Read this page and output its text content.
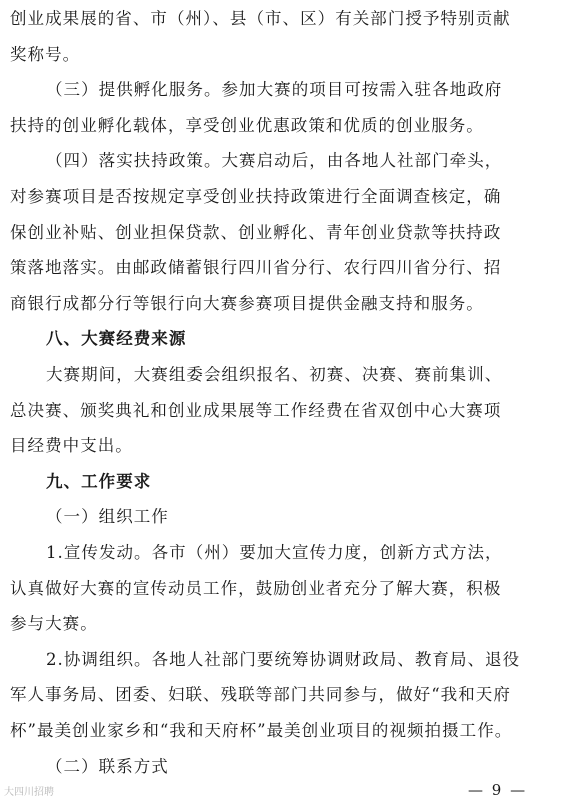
创业成果展的省、市（州）、县（市、区）有关部门授予特别贡献
奖称号。
（三）提供孵化服务。参加大赛的项目可按需入驻各地政府
扶持的创业孵化载体，享受创业优惠政策和优质的创业服务。
（四）落实扶持政策。大赛启动后，由各地人社部门牵头，
对参赛项目是否按规定享受创业扶持政策进行全面调查核定，确
保创业补贴、创业担保贷款、创业孵化、青年创业贷款等扶持政
策落地落实。由邮政储蓄银行四川省分行、农行四川省分行、招
商银行成都分行等银行向大赛参赛项目提供金融支持和服务。
八、大赛经费来源
大赛期间，大赛组委会组织报名、初赛、决赛、赛前集训、
总决赛、颁奖典礼和创业成果展等工作经费在省双创中心大赛项
目经费中支出。
九、工作要求
（一）组织工作
1.宣传发动。各市（州）要加大宣传力度，创新方式方法，
认真做好大赛的宣传动员工作，鼓励创业者充分了解大赛，积极
参与大赛。
2.协调组织。各地人社部门要统筹协调财政局、教育局、退役
军人事务局、团委、妇联、残联等部门共同参与，做好“我和天府
杯”最美创业家乡和“我和天府杯”最美创业项目的视频拍摄工作。
（二）联系方式
— 9 —
大四川招聘
